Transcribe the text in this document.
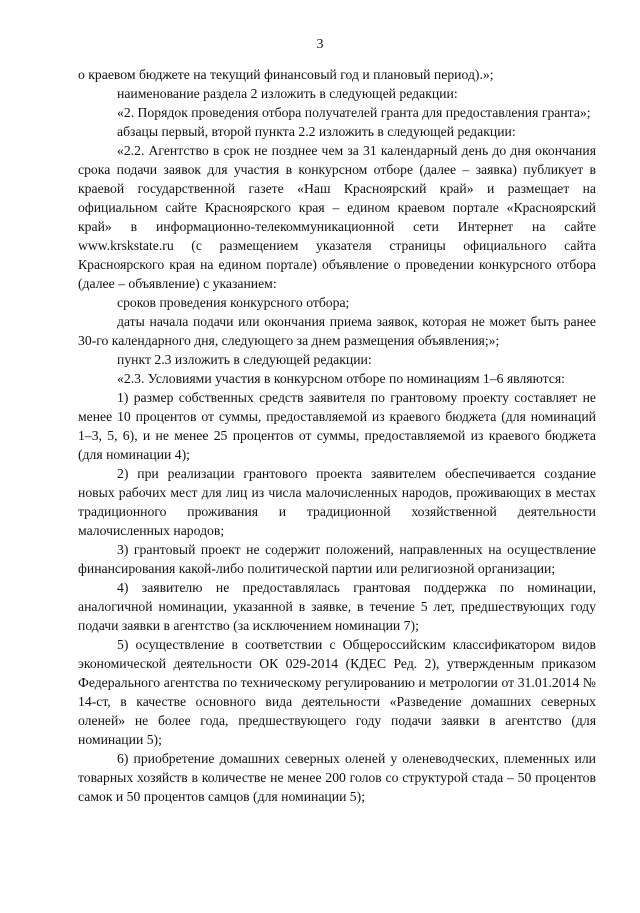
3

о краевом бюджете на текущий финансовый год и плановый период).»;

наименование раздела 2 изложить в следующей редакции:

«2. Порядок проведения отбора получателей гранта для предоставления гранта»;

абзацы первый, второй пункта 2.2 изложить в следующей редакции:

«2.2. Агентство в срок не позднее чем за 31 календарный день до дня окончания срока подачи заявок для участия в конкурсном отборе (далее – заявка) публикует в краевой государственной газете «Наш Красноярский край» и размещает на официальном сайте Красноярского края – едином краевом портале «Красноярский край» в информационно-телекоммуникационной сети Интернет на сайте www.krskstate.ru (с размещением указателя страницы официального сайта Красноярского края на едином портале) объявление о проведении конкурсного отбора (далее – объявление) с указанием:

сроков проведения конкурсного отбора;

даты начала подачи или окончания приема заявок, которая не может быть ранее 30-го календарного дня, следующего за днем размещения объявления;»;

пункт 2.3 изложить в следующей редакции:

«2.3. Условиями участия в конкурсном отборе по номинациям 1–6 являются:

1) размер собственных средств заявителя по грантовому проекту составляет не менее 10 процентов от суммы, предоставляемой из краевого бюджета (для номинаций 1–3, 5, 6), и не менее 25 процентов от суммы, предоставляемой из краевого бюджета (для номинации 4);

2) при реализации грантового проекта заявителем обеспечивается создание новых рабочих мест для лиц из числа малочисленных народов, проживающих в местах традиционного проживания и традиционной хозяйственной деятельности малочисленных народов;

3) грантовый проект не содержит положений, направленных на осуществление финансирования какой-либо политической партии или религиозной организации;

4) заявителю не предоставлялась грантовая поддержка по номинации, аналогичной номинации, указанной в заявке, в течение 5 лет, предшествующих году подачи заявки в агентство (за исключением номинации 7);

5) осуществление в соответствии с Общероссийским классификатором видов экономической деятельности ОК 029-2014 (КДЕС Ред. 2), утвержденным приказом Федерального агентства по техническому регулированию и метрологии от 31.01.2014 № 14-ст, в качестве основного вида деятельности «Разведение домашних северных оленей» не более года, предшествующего году подачи заявки в агентство (для номинации 5);

6) приобретение домашних северных оленей у оленеводческих, племенных или товарных хозяйств в количестве не менее 200 голов со структурой стада – 50 процентов самок и 50 процентов самцов (для номинации 5);
